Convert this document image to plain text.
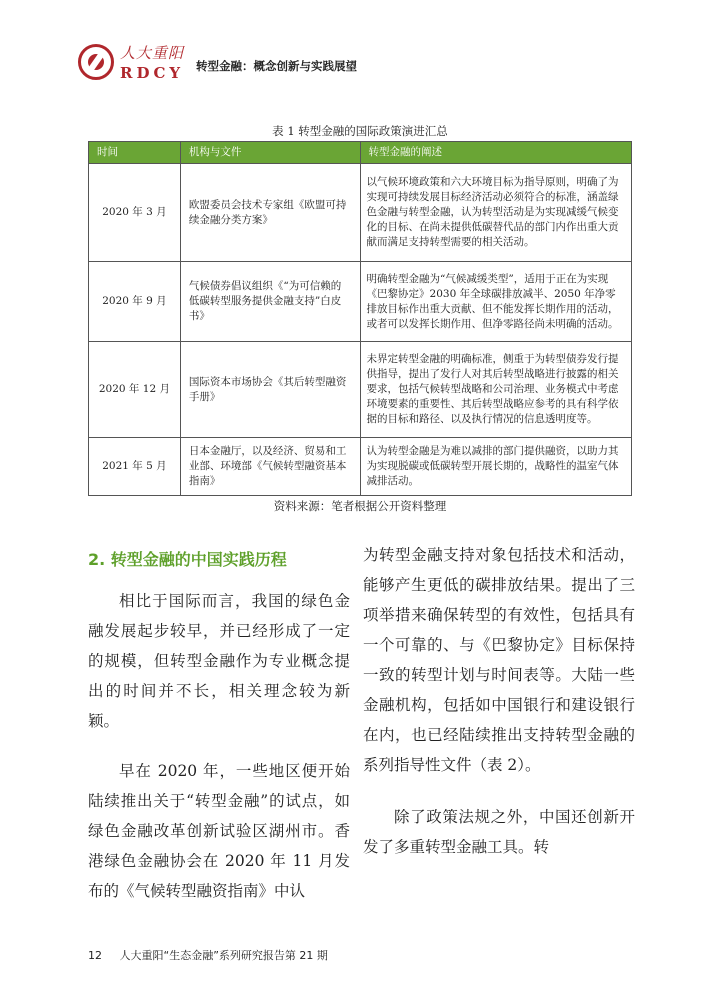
人大重阳
RDCY 转型金融：概念创新与实践展望
表 1 转型金融的国际政策演进汇总
时间	机构与文件	转型金融的阐述
2020 年 3 月	欧盟委员会技术专家组《欧盟可持续金融分类方案》	以气候环境政策和六大环境目标为指导原则，明确了为实现可持续发展目标经济活动必须符合的标准，涵盖绿色金融与转型金融，认为转型活动是为实现减缓气候变化的目标、在尚未提供低碳替代品的部门内作出重大贡献而满足支持转型需要的相关活动。
2020 年 9 月	气候债券倡议组织《“为可信赖的低碳转型服务提供金融支持”白皮书》	明确转型金融为“气候减缓类型”，适用于正在为实现《巴黎协定》2030 年全球碳排放减半、2050 年净零排放目标作出重大贡献、但不能发挥长期作用的活动，或者可以发挥长期作用、但净零路径尚未明确的活动。
2020 年 12 月	国际资本市场协会《其后转型融资手册》	未界定转型金融的明确标准，侧重于为转型债券发行提供指导，提出了发行人对其后转型战略进行披露的相关要求，包括气候转型战略和公司治理、业务模式中考虑环境要素的重要性、其后转型战略应参考的具有科学依据的目标和路径、以及执行情况的信息透明度等。
2021 年 5 月	日本金融厅，以及经济、贸易和工业部、环境部《气候转型融资基本指南》	认为转型金融是为难以减排的部门提供融资，以助力其为实现脱碳或低碳转型开展长期的，战略性的温室气体减排活动。
资料来源：笔者根据公开资料整理
2. 转型金融的中国实践历程

相比于国际而言，我国的绿色金融发展起步较早，并已经形成了一定的规模，但转型金融作为专业概念提出的时间并不长，相关理念较为新颖。

早在 2020 年，一些地区便开始陆续推出关于“转型金融”的试点，如绿色金融改革创新试验区湖州市。香港绿色金融协会在 2020 年 11 月发布的《气候转型融资指南》中认

为转型金融支持对象包括技术和活动，能够产生更低的碳排放结果。提出了三项举措来确保转型的有效性，包括具有一个可靠的、与《巴黎协定》目标保持一致的转型计划与时间表等。大陆一些金融机构，包括如中国银行和建设银行在内，也已经陆续推出支持转型金融的系列指导性文件（表 2）。

除了政策法规之外，中国还创新开发了多重转型金融工具。转

12 人大重阳“生态金融”系列研究报告第 21 期
